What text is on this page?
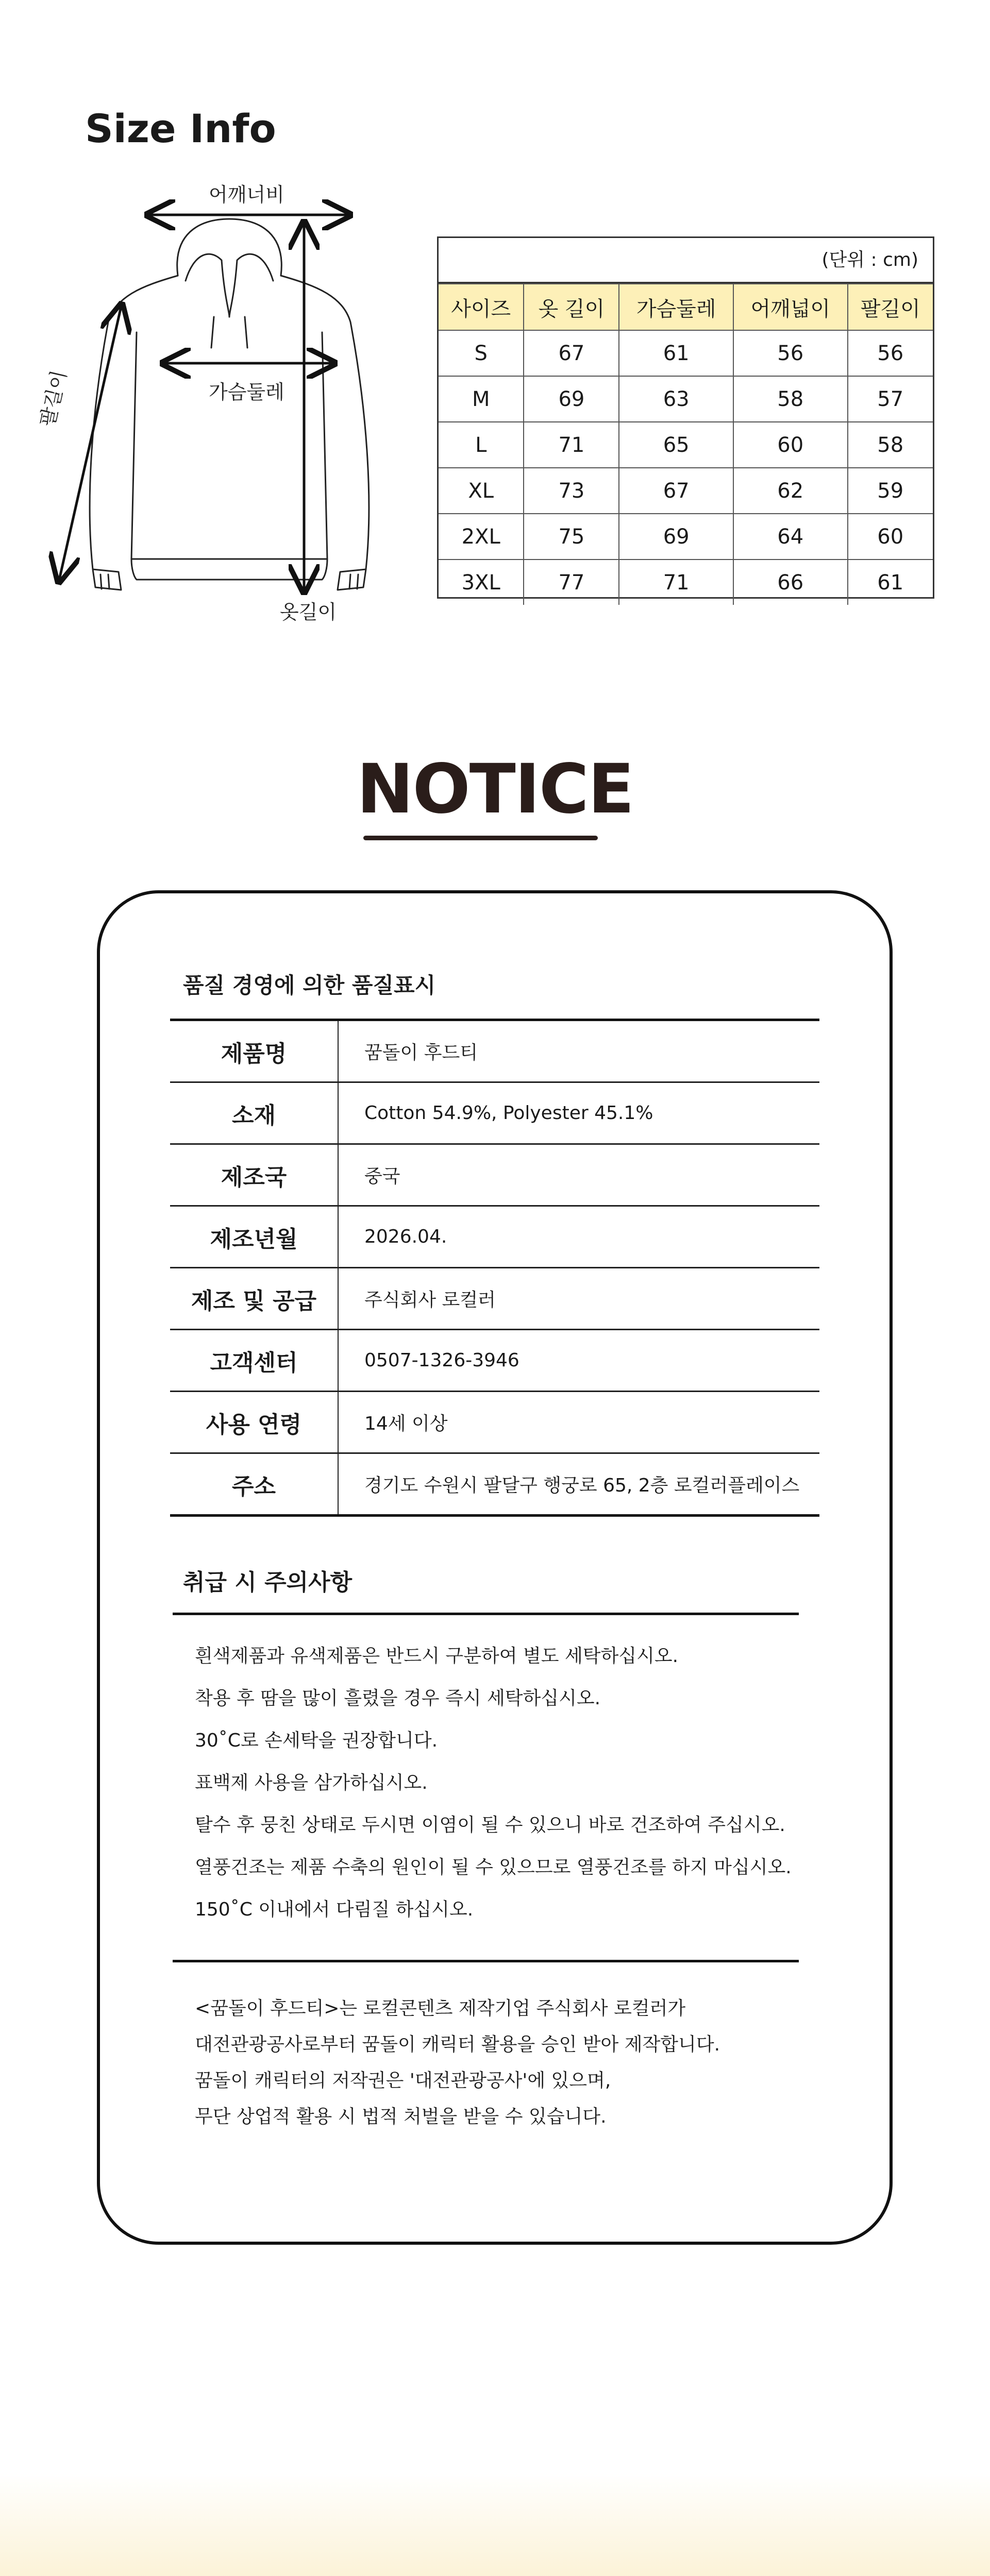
Size Info
어깨너비
가슴둘레
옷길이
팔길이
(단위 : cm)
사이즈	옷 길이	가슴둘레	어깨넓이	팔길이
S	67	61	56	56
M	69	63	58	57
L	71	65	60	58
XL	73	67	62	59
2XL	75	69	64	60
3XL	77	71	66	61
NOTICE
품질 경영에 의한 품질표시
제품명	꿈돌이 후드티
소재	Cotton 54.9%, Polyester 45.1%
제조국	중국
제조년월	2026.04.
제조 및 공급	주식회사 로컬러
고객센터	0507-1326-3946
사용 연령	14세 이상
주소	경기도 수원시 팔달구 행궁로 65, 2층 로컬러플레이스
취급 시 주의사항
흰색제품과 유색제품은 반드시 구분하여 별도 세탁하십시오.
착용 후 땀을 많이 흘렸을 경우 즉시 세탁하십시오.
30˚C로 손세탁을 권장합니다.
표백제 사용을 삼가하십시오.
탈수 후 뭉친 상태로 두시면 이염이 될 수 있으니 바로 건조하여 주십시오.
열풍건조는 제품 수축의 원인이 될 수 있으므로 열풍건조를 하지 마십시오.
150˚C 이내에서 다림질 하십시오.
<꿈돌이 후드티>는 로컬콘텐츠 제작기업 주식회사 로컬러가
대전관광공사로부터 꿈돌이 캐릭터 활용을 승인 받아 제작합니다.
꿈돌이 캐릭터의 저작권은 '대전관광공사'에 있으며,
무단 상업적 활용 시 법적 처벌을 받을 수 있습니다.
